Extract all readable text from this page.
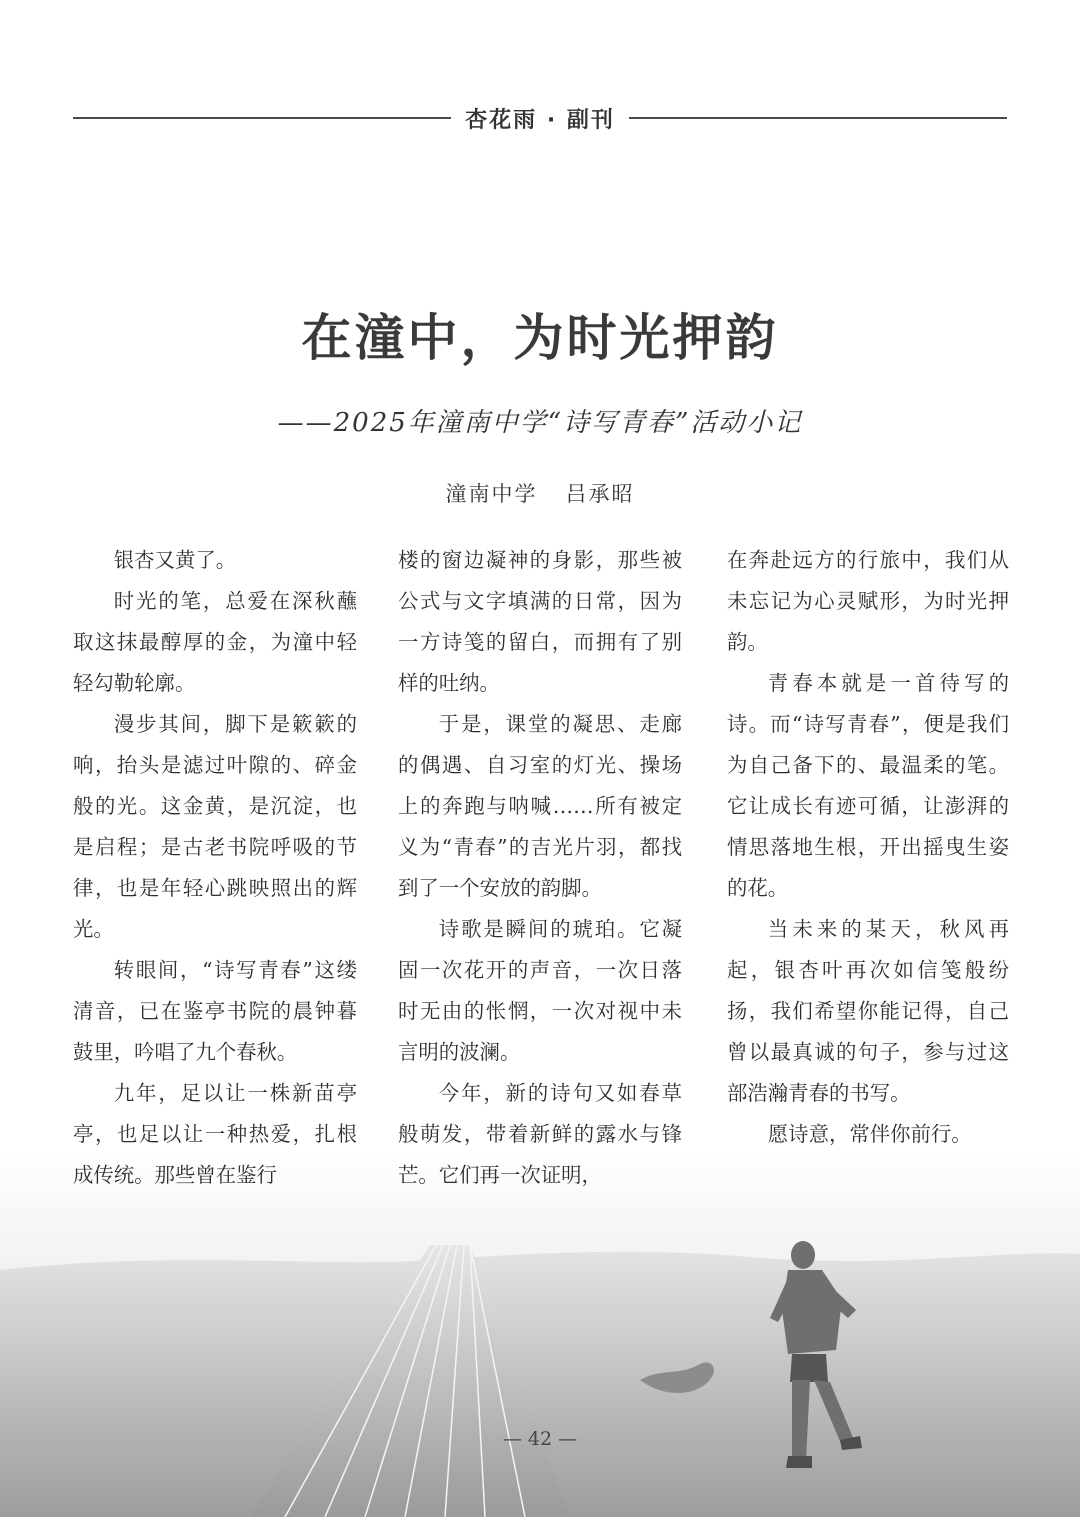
杏花雨 · 副刊
在潼中，为时光押韵
——2025年潼南中学“诗写青春”活动小记
潼南中学 吕承昭

银杏又黄了。

时光的笔，总爱在深秋蘸取这抹最醇厚的金，为潼中轻轻勾勒轮廓。

漫步其间，脚下是簌簌的响，抬头是滤过叶隙的、碎金般的光。这金黄，是沉淀，也是启程；是古老书院呼吸的节律，也是年轻心跳映照出的辉光。

转眼间，“诗写青春”这缕清音，已在鉴亭书院的晨钟暮鼓里，吟唱了九个春秋。

九年，足以让一株新苗亭亭，也足以让一种热爱，扎根成传统。那些曾在鉴行

楼的窗边凝神的身影，那些被公式与文字填满的日常，因为一方诗笺的留白，而拥有了别样的吐纳。

于是，课堂的凝思、走廊的偶遇、自习室的灯光、操场上的奔跑与呐喊……所有被定义为“青春”的吉光片羽，都找到了一个安放的韵脚。

诗歌是瞬间的琥珀。它凝固一次花开的声音，一次日落时无由的怅惘，一次对视中未言明的波澜。

今年，新的诗句又如春草般萌发，带着新鲜的露水与锋芒。它们再一次证明，

在奔赴远方的行旅中，我们从未忘记为心灵赋形，为时光押韵。

青春本就是一首待写的诗。而“诗写青春”，便是我们为自己备下的、最温柔的笔。它让成长有迹可循，让澎湃的情思落地生根，开出摇曳生姿的花。

当未来的某天，秋风再起，银杏叶再次如信笺般纷扬，我们希望你能记得，自己曾以最真诚的句子，参与过这部浩瀚青春的书写。

愿诗意，常伴你前行。

— 42 —
